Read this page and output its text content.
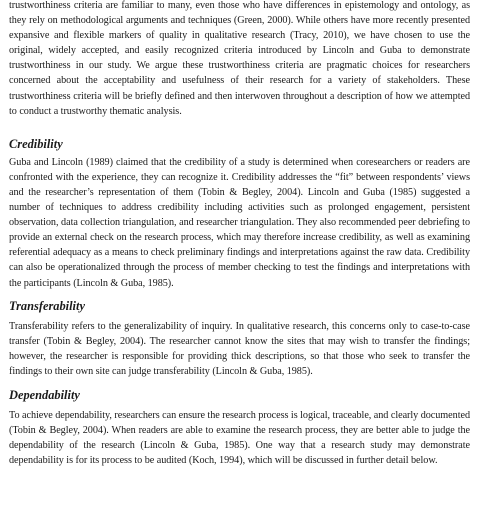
trustworthiness criteria are familiar to many, even those who have differences in epistemology and ontology, as they rely on methodological arguments and techniques (Green, 2000). While others have more recently presented expansive and flexible markers of quality in qualitative research (Tracy, 2010), we have chosen to use the original, widely accepted, and easily recognized criteria introduced by Lincoln and Guba to demonstrate trustworthiness in our study. We argue these trustworthiness criteria are pragmatic choices for researchers concerned about the acceptability and usefulness of their research for a variety of stakeholders. These trustworthiness criteria will be briefly defined and then interwoven throughout a description of how we attempted to conduct a trustworthy thematic analysis.

Credibility

Guba and Lincoln (1989) claimed that the credibility of a study is determined when coresearchers or readers are confronted with the experience, they can recognize it. Credibility addresses the “fit” between respondents’ views and the researcher’s representation of them (Tobin & Begley, 2004). Lincoln and Guba (1985) suggested a number of techniques to address credibility including activities such as prolonged engagement, persistent observation, data collection triangulation, and researcher triangulation. They also recommended peer debriefing to provide an external check on the research process, which may therefore increase credibility, as well as examining referential adequacy as a means to check preliminary findings and interpretations against the raw data. Credibility can also be operationalized through the process of member checking to test the findings and interpretations with the participants (Lincoln & Guba, 1985).

Transferability

Transferability refers to the generalizability of inquiry. In qualitative research, this concerns only to case-to-case transfer (Tobin & Begley, 2004). The researcher cannot know the sites that may wish to transfer the findings; however, the researcher is responsible for providing thick descriptions, so that those who seek to transfer the findings to their own site can judge transferability (Lincoln & Guba, 1985).

Dependability

To achieve dependability, researchers can ensure the research process is logical, traceable, and clearly documented (Tobin & Begley, 2004). When readers are able to examine the research process, they are better able to judge the dependability of the research (Lincoln & Guba, 1985). One way that a research study may demonstrate dependability is for its process to be audited (Koch, 1994), which will be discussed in further detail below.
